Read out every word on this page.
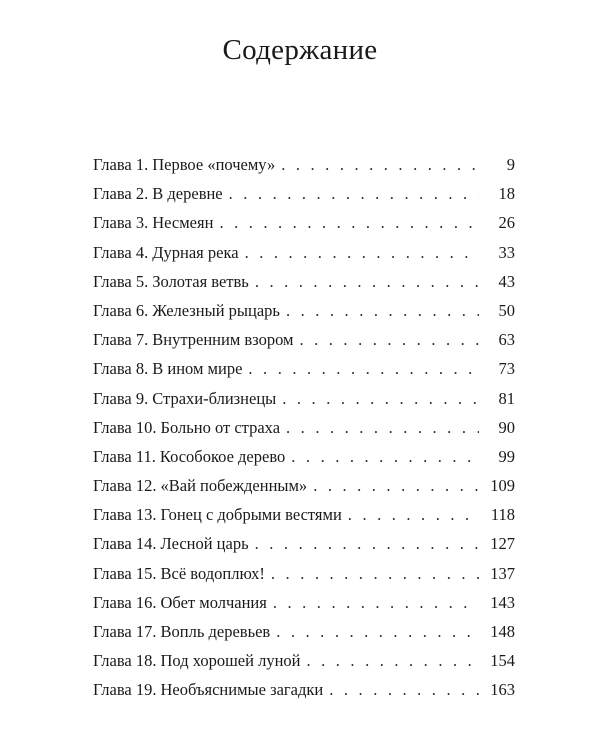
Содержание
Глава 1. Первое «почему» . . .	9
Глава 2. В деревне . . .	18
Глава 3. Несмеян . . .	26
Глава 4. Дурная река . . .	33
Глава 5. Золотая ветвь . . .	43
Глава 6. Железный рыцарь . . .	50
Глава 7. Внутренним взором . . .	63
Глава 8. В ином мире . . .	73
Глава 9. Страхи-близнецы . . .	81
Глава 10. Больно от страха . . .	90
Глава 11. Кособокое дерево . . .	99
Глава 12. «Вай побежденным» . . .	109
Глава 13. Гонец с добрыми вестями . . .	118
Глава 14. Лесной царь . . .	127
Глава 15. Всё водоплюх! . . .	137
Глава 16. Обет молчания . . .	143
Глава 17. Вопль деревьев . . .	148
Глава 18. Под хорошей луной . . .	154
Глава 19. Необъяснимые загадки . . .	163
